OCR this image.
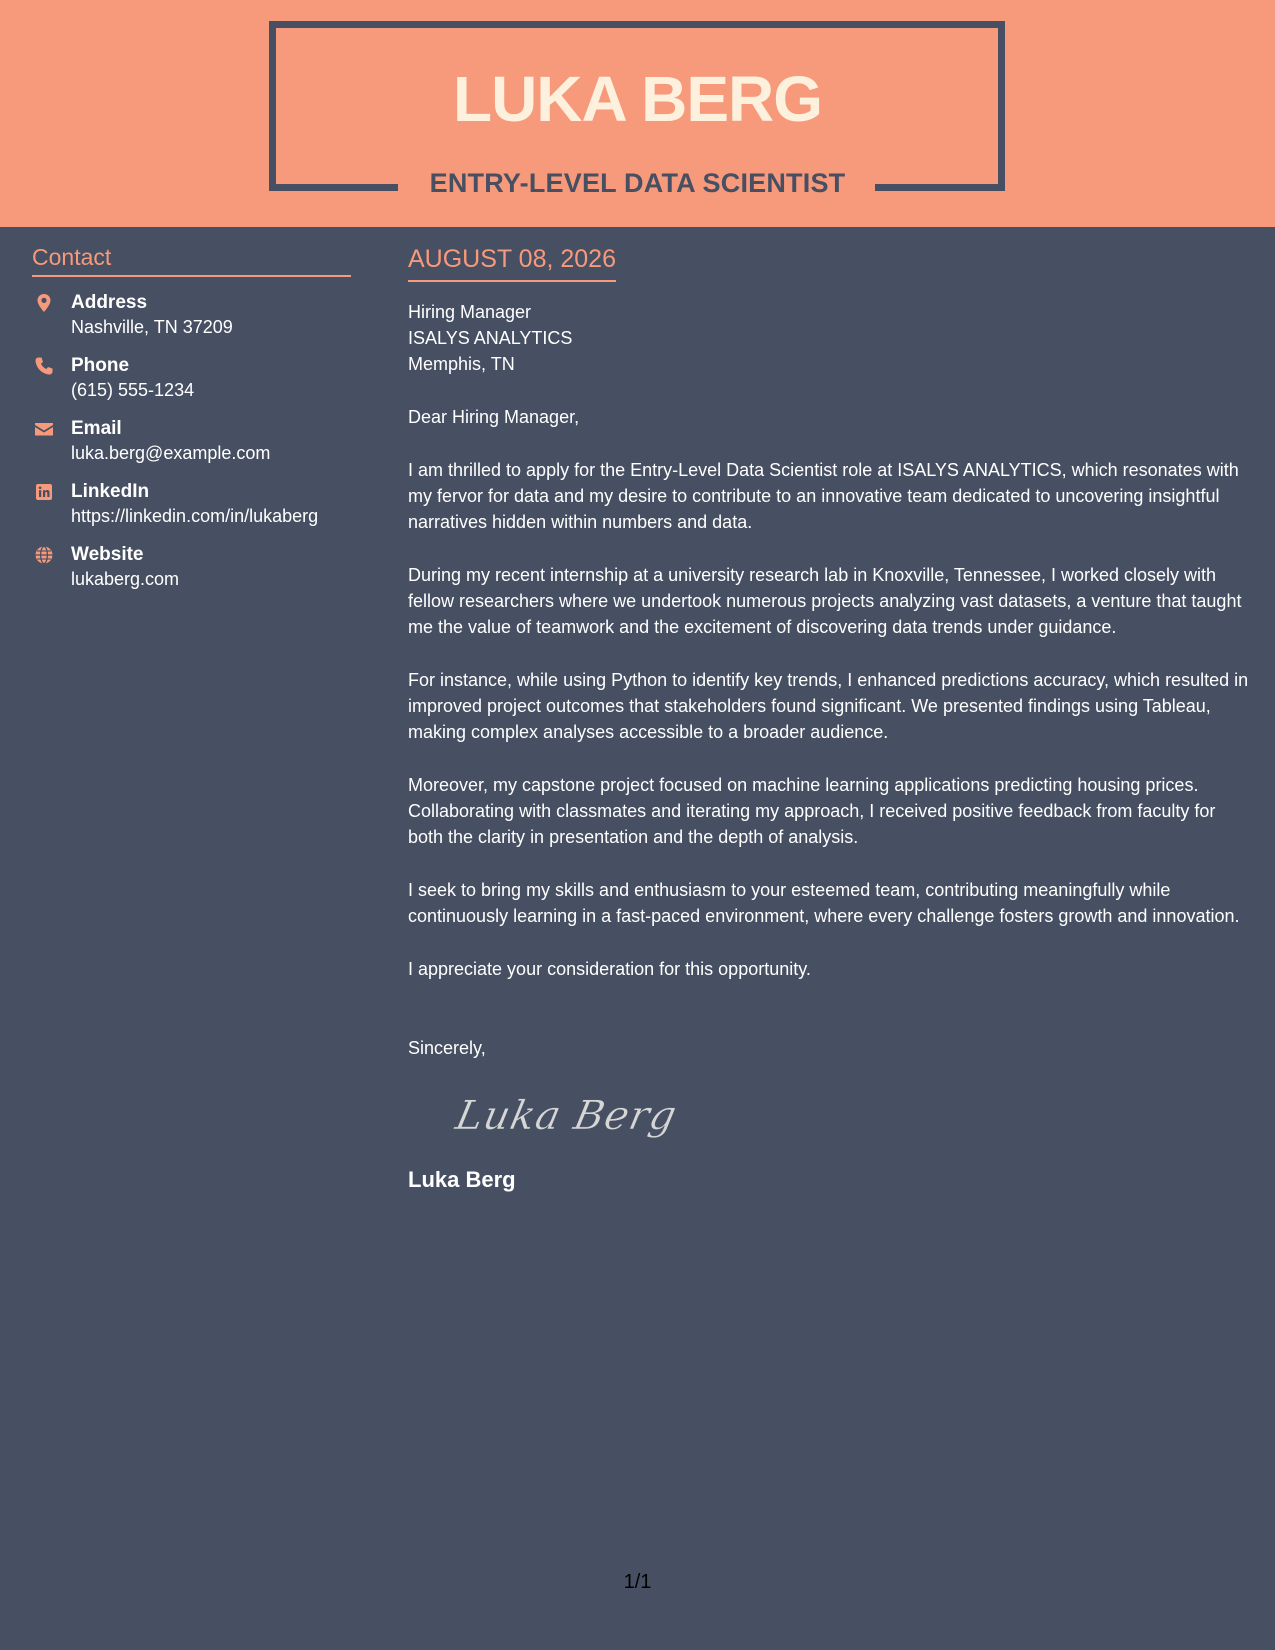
LUKA BERG
ENTRY-LEVEL DATA SCIENTIST
Contact
Address
Nashville, TN 37209
Phone
(615) 555-1234
Email
luka.berg@example.com
LinkedIn
https://linkedin.com/in/lukaberg
Website
lukaberg.com
AUGUST 08, 2026
Hiring Manager
ISALYS ANALYTICS
Memphis, TN
Dear Hiring Manager,
I am thrilled to apply for the Entry-Level Data Scientist role at ISALYS ANALYTICS, which resonates with my fervor for data and my desire to contribute to an innovative team dedicated to uncovering insightful narratives hidden within numbers and data.
During my recent internship at a university research lab in Knoxville, Tennessee, I worked closely with fellow researchers where we undertook numerous projects analyzing vast datasets, a venture that taught me the value of teamwork and the excitement of discovering data trends under guidance.
For instance, while using Python to identify key trends, I enhanced predictions accuracy, which resulted in improved project outcomes that stakeholders found significant. We presented findings using Tableau, making complex analyses accessible to a broader audience.
Moreover, my capstone project focused on machine learning applications predicting housing prices. Collaborating with classmates and iterating my approach, I received positive feedback from faculty for both the clarity in presentation and the depth of analysis.
I seek to bring my skills and enthusiasm to your esteemed team, contributing meaningfully while continuously learning in a fast-paced environment, where every challenge fosters growth and innovation.
I appreciate your consideration for this opportunity.
Sincerely,
Luka Berg
Luka Berg
1/1
